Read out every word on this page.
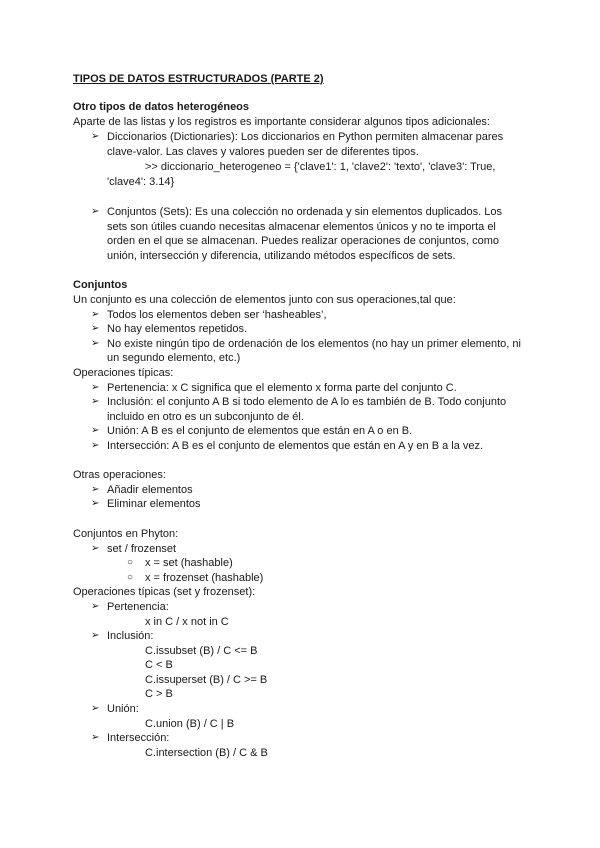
TIPOS DE DATOS ESTRUCTURADOS (PARTE 2)
Otro tipos de datos heterogéneos
Aparte de las listas y los registros es importante considerar algunos tipos adicionales:
➢ Diccionarios (Dictionaries): Los diccionarios en Python permiten almacenar pares
clave-valor. Las claves y valores pueden ser de diferentes tipos.
>> diccionario_heterogeneo = {'clave1': 1, 'clave2': 'texto', 'clave3': True,
'clave4': 3.14}
➢ Conjuntos (Sets): Es una colección no ordenada y sin elementos duplicados. Los
sets son útiles cuando necesitas almacenar elementos únicos y no te importa el
orden en el que se almacenan. Puedes realizar operaciones de conjuntos, como
unión, intersección y diferencia, utilizando métodos específicos de sets.
Conjuntos
Un conjunto es una colección de elementos junto con sus operaciones,tal que:
➢ Todos los elementos deben ser ‘hasheables’,
➢ No hay elementos repetidos.
➢ No existe ningún tipo de ordenación de los elementos (no hay un primer elemento, ni
un segundo elemento, etc.)
Operaciones típicas:
➢ Pertenencia: x C significa que el elemento x forma parte del conjunto C.
➢ Inclusión: el conjunto A B si todo elemento de A lo es también de B. Todo conjunto
incluido en otro es un subconjunto de él.
➢ Unión: A B es el conjunto de elementos que están en A o en B.
➢ Intersección: A B es el conjunto de elementos que están en A y en B a la vez.
Otras operaciones:
➢ Añadir elementos
➢ Eliminar elementos
Conjuntos en Phyton:
➢ set / frozenset
○ x = set (hashable)
○ x = frozenset (hashable)
Operaciones típicas (set y frozenset):
➢ Pertenencia:
x in C / x not in C
➢ Inclusión:
C.issubset (B) / C <= B
C < B
C.issuperset (B) / C >= B
C > B
➢ Unión:
C.union (B) / C | B
➢ Intersección:
C.intersection (B) / C & B
